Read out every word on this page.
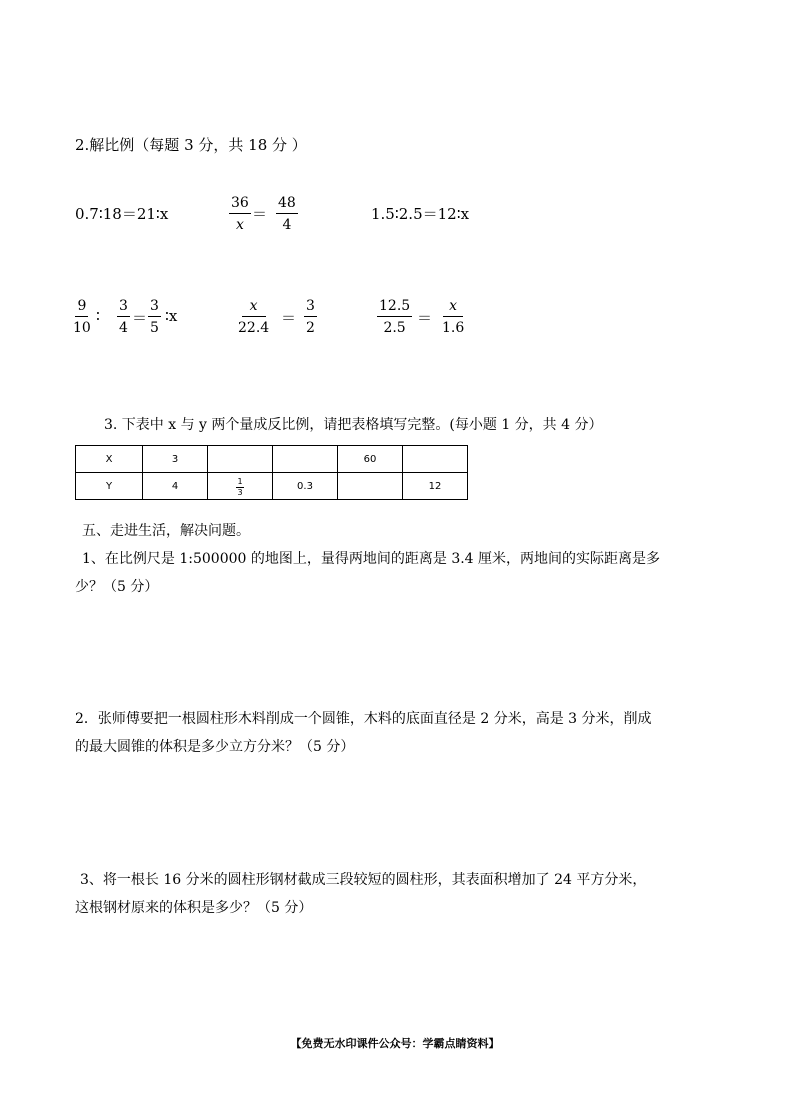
2.解比例（每题 3 分，共 18 分 ）
0.7∶18＝21∶x	$\frac{36}{x} = \frac{48}{4}$	1.5∶2.5＝12∶x
$\frac{9}{10}$ ∶ $\frac{3}{4} = \frac{3}{5}$ ∶x	$\frac{x}{22.4} = \frac{3}{2}$	$\frac{12.5}{2.5} = \frac{x}{1.6}$
3. 下表中 x 与 y 两个量成反比例，请把表格填写完整。(每小题 1 分，共 4 分）
X	3			60	
Y	4	$\frac{1}{3}$	0.3		12
五、走进生活，解决问题。
1、在比例尺是 1:500000 的地图上，量得两地间的距离是 3.4 厘米，两地间的实际距离是多
少？（5 分）
2．张师傅要把一根圆柱形木料削成一个圆锥，木料的底面直径是 2 分米，高是 3 分米，削成
的最大圆锥的体积是多少立方分米？（5 分）
3、将一根长 16 分米的圆柱形钢材截成三段较短的圆柱形，其表面积增加了 24 平方分米，
这根钢材原来的体积是多少？（5 分）
【免费无水印课件公众号：学霸点睛资料】
